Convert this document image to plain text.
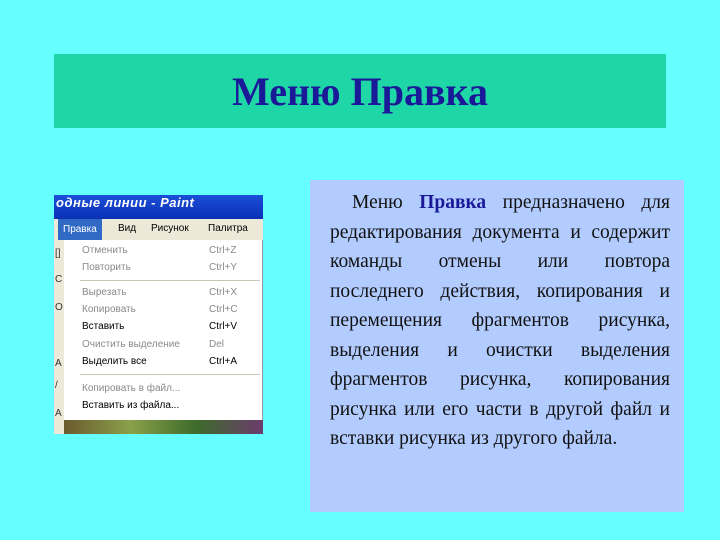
Меню Правка
одные линии - Paint
Правка	Вид Рисунок Палитра
[]
C
O
A
/
A
Отменить	Ctrl+Z
Повторить	Ctrl+Y
Вырезать	Ctrl+X
Копировать	Ctrl+C
Вставить	Ctrl+V
Очистить выделение	Del
Выделить все	Ctrl+A
Копировать в файл...
Вставить из файла...

Меню Правка предназначено для редактирования документа и содержит команды отмены или повтора последнего действия, копирования и перемещения фрагментов рисунка, выделения и очистки выделения фрагментов рисунка, копирования рисунка или его части в другой файл и вставки рисунка из другого файла.
